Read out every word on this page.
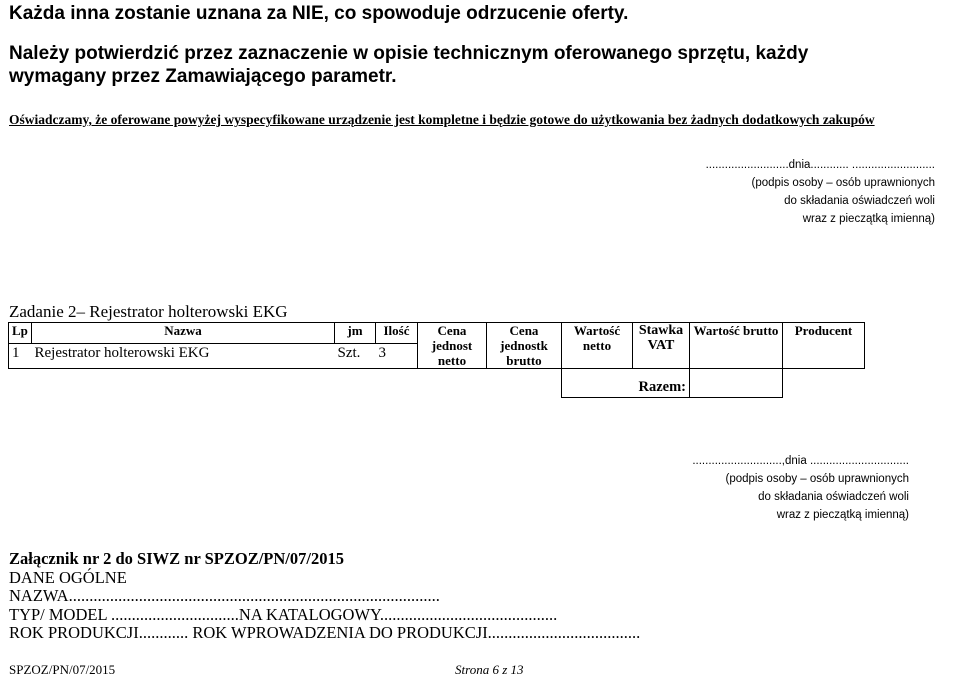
Każda inna zostanie uznana za NIE, co spowoduje odrzucenie oferty.
Należy potwierdzić przez zaznaczenie w opisie technicznym oferowanego sprzętu, każdy
wymagany przez Zamawiającego parametr.
Oświadczamy, że oferowane powyżej wyspecyfikowane urządzenie jest kompletne i będzie gotowe do użytkowania bez żadnych dodatkowych zakupów
..........................dnia............ ..........................
(podpis osoby – osób uprawnionych
do składania oświadczeń woli
wraz z pieczątką imienną)
Zadanie 2– Rejestrator holterowski EKG
Lp	Nazwa	jm	Ilość	Cena jednost netto	Cena jednostk brutto	Wartość netto	Stawka VAT	Wartość brutto	Producent
1	Rejestrator holterowski EKG	Szt.	3						
						Razem:			
............................,dnia ...............................
(podpis osoby – osób uprawnionych
do składania oświadczeń woli
wraz z pieczątką imienną)
Załącznik nr 2 do SIWZ nr SPZOZ/PN/07/2015
DANE OGÓLNE
NAZWA..........................................................................................
TYP/ MODEL ...............................NA KATALOGOWY...........................................
ROK PRODUKCJI............ ROK WPROWADZENIA DO PRODUKCJI.....................................
SPZOZ/PN/07/2015	Strona 6 z 13
